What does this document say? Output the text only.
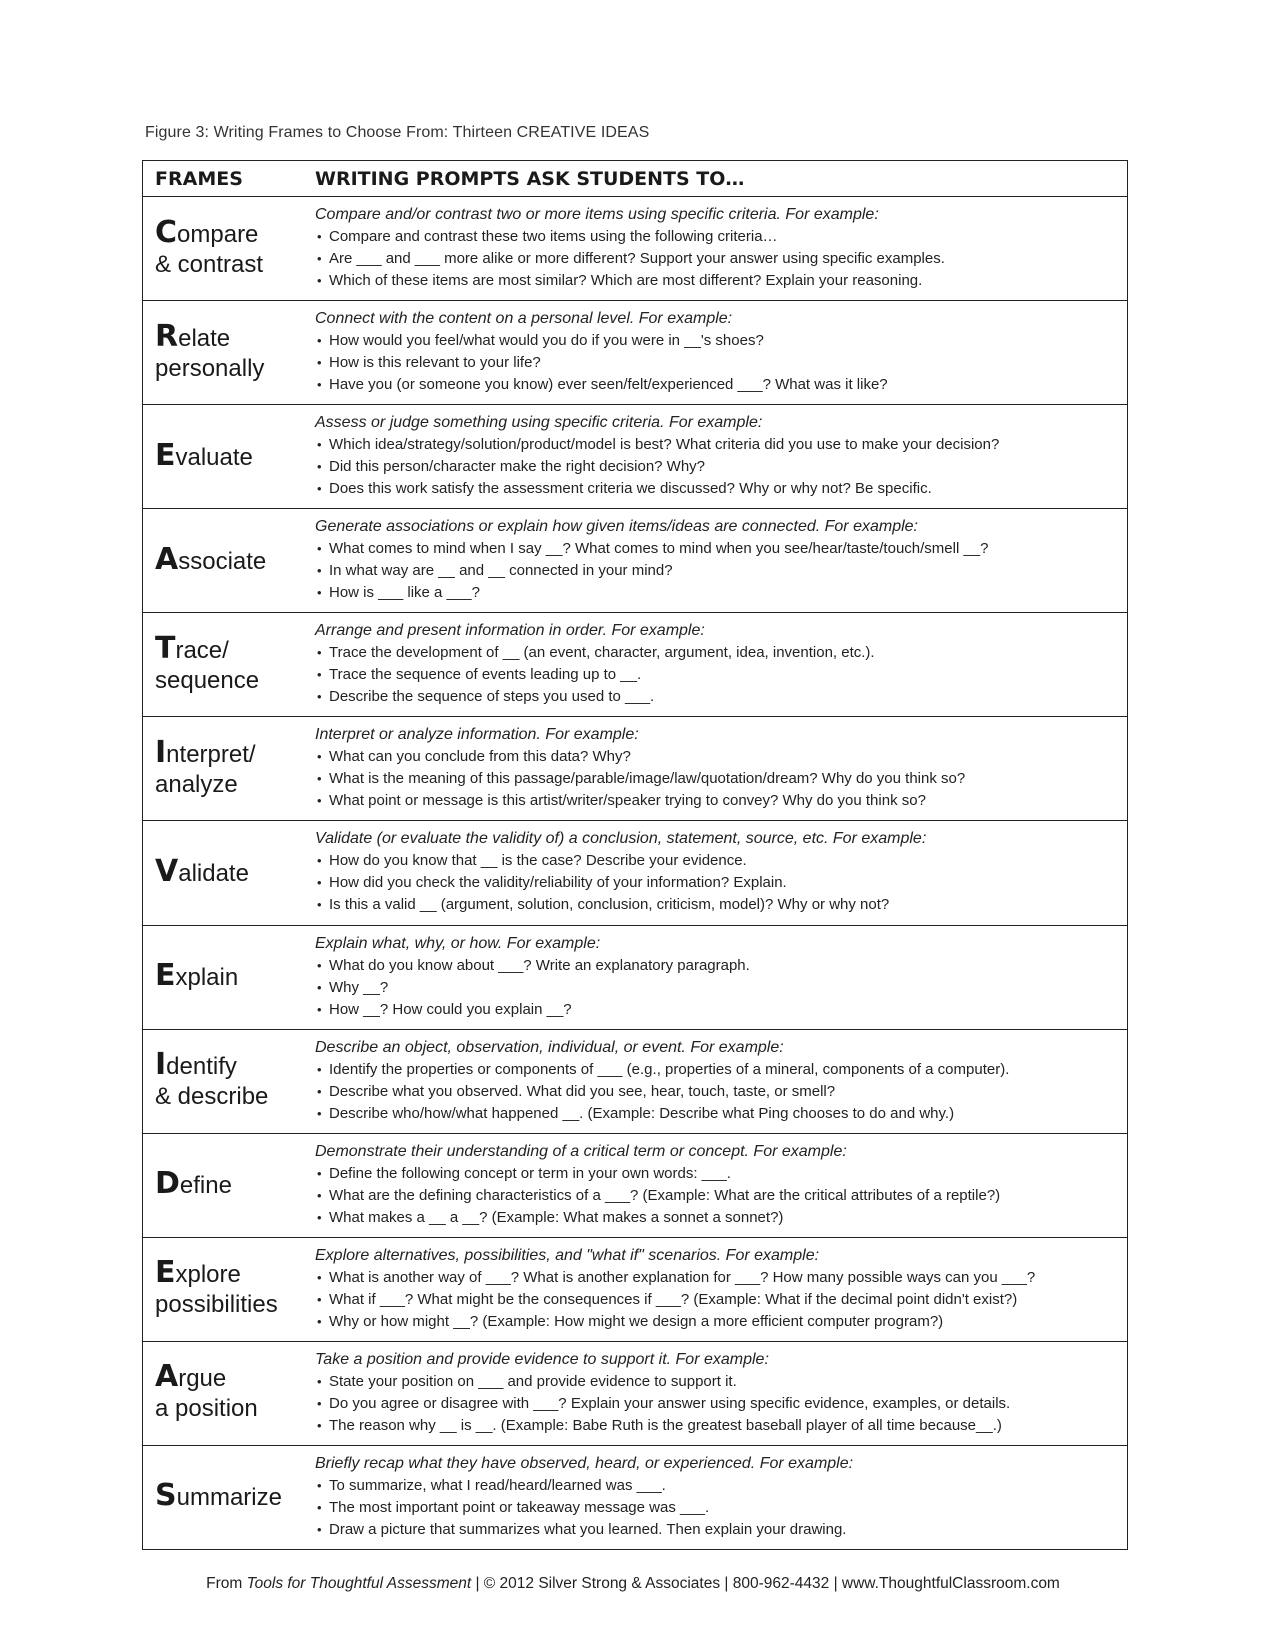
Figure 3: Writing Frames to Choose From: Thirteen CREATIVE IDEAS
FRAMES	WRITING PROMPTS ASK STUDENTS TO…
Compare
& contrast
Compare and/or contrast two or more items using specific criteria. For example:
• Compare and contrast these two items using the following criteria…
• Are ___ and ___ more alike or more different? Support your answer using specific examples.
• Which of these items are most similar? Which are most different? Explain your reasoning.
Relate
personally
Connect with the content on a personal level. For example:
• How would you feel/what would you do if you were in __'s shoes?
• How is this relevant to your life?
• Have you (or someone you know) ever seen/felt/experienced ___? What was it like?
Evaluate
Assess or judge something using specific criteria. For example:
• Which idea/strategy/solution/product/model is best? What criteria did you use to make your decision?
• Did this person/character make the right decision? Why?
• Does this work satisfy the assessment criteria we discussed? Why or why not? Be specific.
Associate
Generate associations or explain how given items/ideas are connected. For example:
• What comes to mind when I say __? What comes to mind when you see/hear/taste/touch/smell __?
• In what way are __ and __ connected in your mind?
• How is ___ like a ___?
Trace/
sequence
Arrange and present information in order. For example:
• Trace the development of __ (an event, character, argument, idea, invention, etc.).
• Trace the sequence of events leading up to __.
• Describe the sequence of steps you used to ___.
Interpret/
analyze
Interpret or analyze information. For example:
• What can you conclude from this data? Why?
• What is the meaning of this passage/parable/image/law/quotation/dream? Why do you think so?
• What point or message is this artist/writer/speaker trying to convey? Why do you think so?
Validate
Validate (or evaluate the validity of) a conclusion, statement, source, etc. For example:
• How do you know that __ is the case? Describe your evidence.
• How did you check the validity/reliability of your information? Explain.
• Is this a valid __ (argument, solution, conclusion, criticism, model)? Why or why not?
Explain
Explain what, why, or how. For example:
• What do you know about ___? Write an explanatory paragraph.
• Why __?
• How __? How could you explain __?
Identify
& describe
Describe an object, observation, individual, or event. For example:
• Identify the properties or components of ___ (e.g., properties of a mineral, components of a computer).
• Describe what you observed. What did you see, hear, touch, taste, or smell?
• Describe who/how/what happened __. (Example: Describe what Ping chooses to do and why.)
Define
Demonstrate their understanding of a critical term or concept. For example:
• Define the following concept or term in your own words: ___.
• What are the defining characteristics of a ___? (Example: What are the critical attributes of a reptile?)
• What makes a __ a __? (Example: What makes a sonnet a sonnet?)
Explore
possibilities
Explore alternatives, possibilities, and "what if" scenarios. For example:
• What is another way of ___? What is another explanation for ___? How many possible ways can you ___?
• What if ___? What might be the consequences if ___? (Example: What if the decimal point didn't exist?)
• Why or how might __? (Example: How might we design a more efficient computer program?)
Argue
a position
Take a position and provide evidence to support it. For example:
• State your position on ___ and provide evidence to support it.
• Do you agree or disagree with ___? Explain your answer using specific evidence, examples, or details.
• The reason why __ is __. (Example: Babe Ruth is the greatest baseball player of all time because__.)
Summarize
Briefly recap what they have observed, heard, or experienced. For example:
• To summarize, what I read/heard/learned was ___.
• The most important point or takeaway message was ___.
• Draw a picture that summarizes what you learned. Then explain your drawing.
From Tools for Thoughtful Assessment | © 2012 Silver Strong & Associates | 800-962-4432 | www.ThoughtfulClassroom.com
